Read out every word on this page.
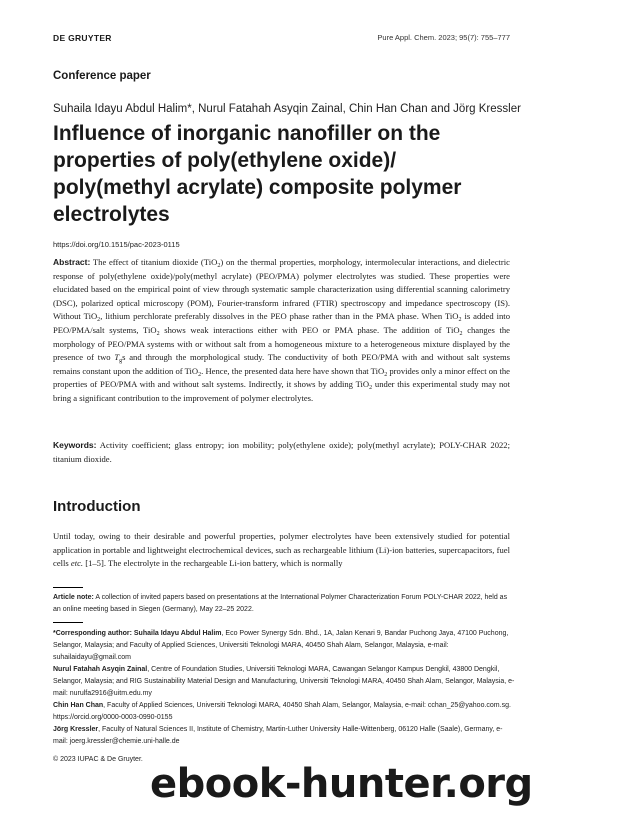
DE GRUYTER	Pure Appl. Chem. 2023; 95(7): 755–777
Conference paper
Suhaila Idayu Abdul Halim*, Nurul Fatahah Asyqin Zainal, Chin Han Chan and Jörg Kressler
Influence of inorganic nanofiller on the
properties of poly(ethylene oxide)/
poly(methyl acrylate) composite polymer
electrolytes
https://doi.org/10.1515/pac-2023-0115
Abstract: The effect of titanium dioxide (TiO$_2$) on the thermal properties, morphology, intermolecular interactions, and dielectric response of poly(ethylene oxide)/poly(methyl acrylate) (PEO/PMA) polymer electrolytes was studied. These properties were elucidated based on the empirical point of view through systematic sample characterization using differential scanning calorimetry (DSC), polarized optical microscopy (POM), Fourier-transform infrared (FTIR) spectroscopy and impedance spectroscopy (IS). Without TiO$_2$, lithium perchlorate preferably dissolves in the PEO phase rather than in the PMA phase. When TiO$_2$ is added into PEO/PMA/salt systems, TiO$_2$ shows weak interactions either with PEO or PMA phase. The addition of TiO$_2$ changes the morphology of PEO/PMA systems with or without salt from a homogeneous mixture to a heterogeneous mixture displayed by the presence of two $T_gs$ and through the morphological study. The conductivity of both PEO/PMA with and without salt systems remains constant upon the addition of TiO$_2$. Hence, the presented data here have shown that TiO$_2$ provides only a minor effect on the properties of PEO/PMA with and without salt systems. Indirectly, it shows by adding TiO$_2$ under this experimental study may not bring a significant contribution to the improvement of polymer electrolytes.
Keywords: Activity coefficient; glass entropy; ion mobility; poly(ethylene oxide); poly(methyl acrylate); POLY-CHAR 2022; titanium dioxide.
Introduction
Until today, owing to their desirable and powerful properties, polymer electrolytes have been extensively studied for potential application in portable and lightweight electrochemical devices, such as rechargeable lithium (Li)-ion batteries, supercapacitors, fuel cells etc. [1–5]. The electrolyte in the rechargeable Li-ion battery, which is normally
Article note: A collection of invited papers based on presentations at the International Polymer Characterization Forum POLY-CHAR 2022, held as an online meeting based in Siegen (Germany), May 22–25 2022.
*Corresponding author: Suhaila Idayu Abdul Halim, Eco Power Synergy Sdn. Bhd., 1A, Jalan Kenari 9, Bandar Puchong Jaya, 47100 Puchong, Selangor, Malaysia; and Faculty of Applied Sciences, Universiti Teknologi MARA, 40450 Shah Alam, Selangor, Malaysia, e-mail: suhailaidayu@gmail.com
Nurul Fatahah Asyqin Zainal, Centre of Foundation Studies, Universiti Teknologi MARA, Cawangan Selangor Kampus Dengkil, 43800 Dengkil, Selangor, Malaysia; and RIG Sustainability Material Design and Manufacturing, Universiti Teknologi MARA, 40450 Shah Alam, Selangor, Malaysia, e-mail: nurulfa2916@uitm.edu.my
Chin Han Chan, Faculty of Applied Sciences, Universiti Teknologi MARA, 40450 Shah Alam, Selangor, Malaysia, e-mail: cchan_25@yahoo.com.sg. https://orcid.org/0000-0003-0990-0155
Jörg Kressler, Faculty of Natural Sciences II, Institute of Chemistry, Martin-Luther University Halle-Wittenberg, 06120 Halle (Saale), Germany, e-mail: joerg.kressler@chemie.uni-halle.de
© 2023 IUPAC & De Gruyter.
ebook-hunter.org
